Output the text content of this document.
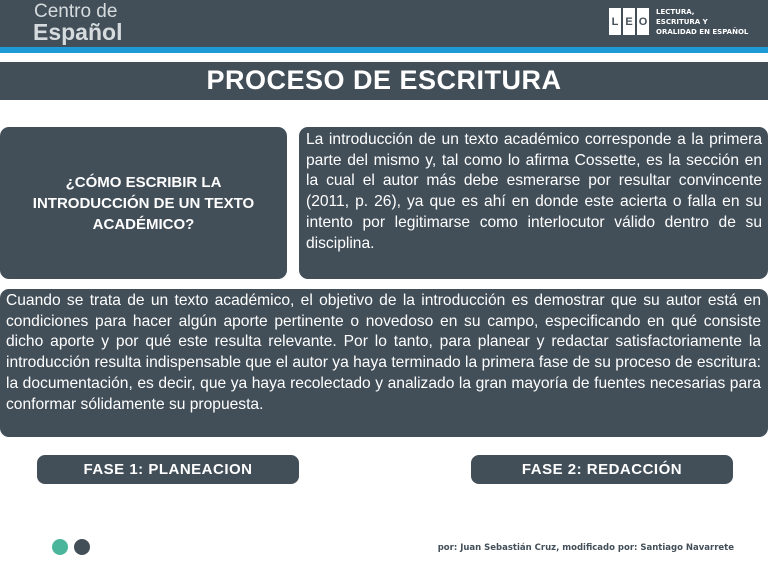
Centro de
Español	L E O
LECTURA,
ESCRITURA Y
ORALIDAD EN ESPAÑOL
PROCESO DE ESCRITURA

¿CÓMO ESCRIBIR LA INTRODUCCIÓN DE UN TEXTO ACADÉMICO?

La introducción de un texto académico corresponde a la primera parte del mismo y, tal como lo afirma Cossette, es la sección en la cual el autor más debe esmerarse por resultar convincente (2011, p. 26), ya que es ahí en donde este acierta o falla en su intento por legitimarse como interlocutor válido dentro de su disciplina.

Cuando se trata de un texto académico, el objetivo de la introducción es demostrar que su autor está en condiciones para hacer algún aporte pertinente o novedoso en su campo, especificando en qué consiste dicho aporte y por qué este resulta relevante. Por lo tanto, para planear y redactar satisfactoriamente la introducción resulta indispensable que el autor ya haya terminado la primera fase de su proceso de escritura: la documentación, es decir, que ya haya recolectado y analizado la gran mayoría de fuentes necesarias para conformar sólidamente su propuesta.

FASE 1: PLANEACION	FASE 2: REDACCIÓN
por: Juan Sebastián Cruz, modificado por: Santiago Navarrete
